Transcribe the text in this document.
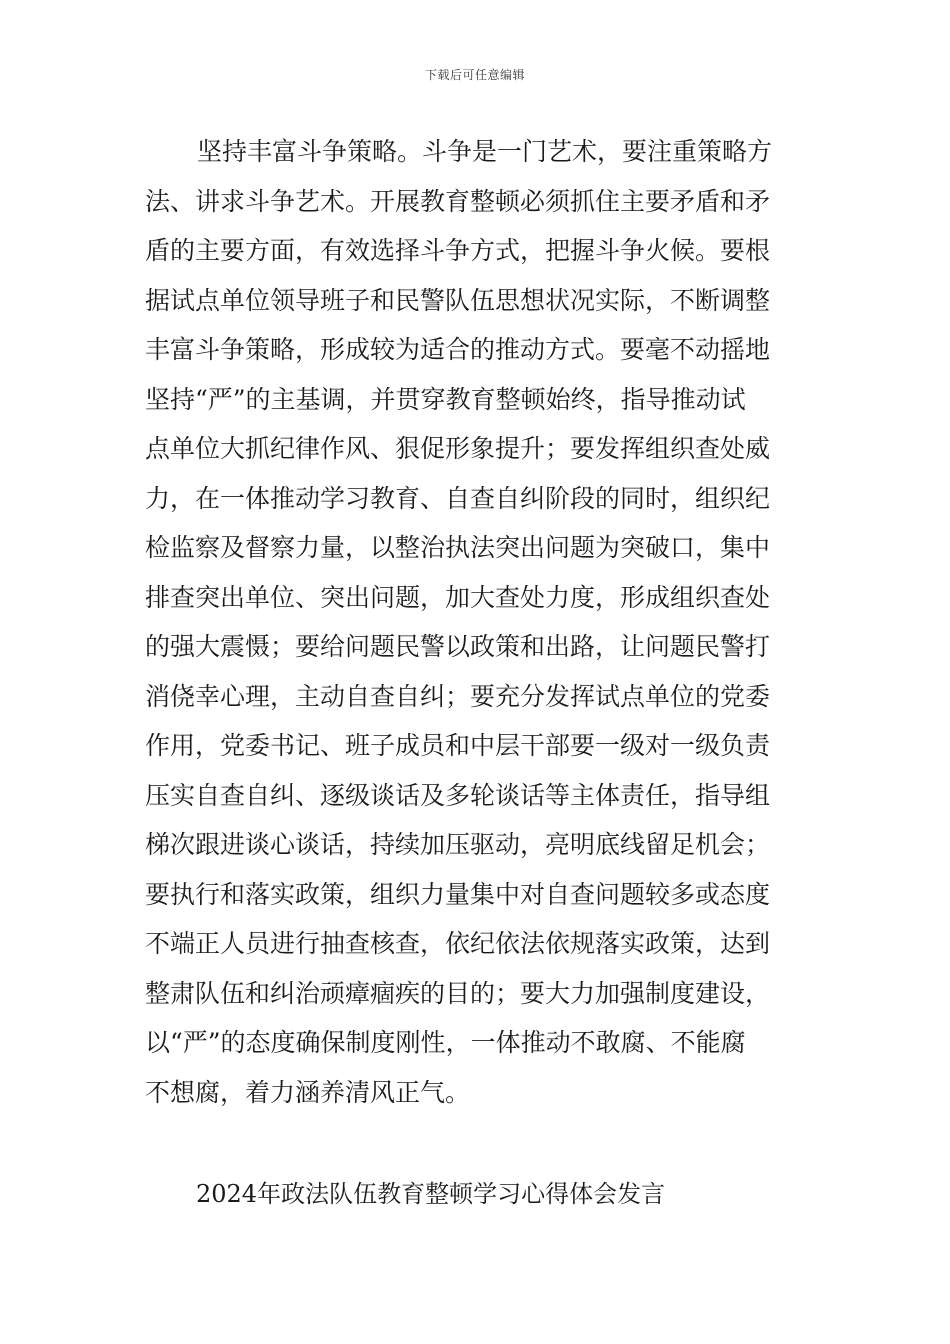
下载后可任意编辑
坚持丰富斗争策略。斗争是一门艺术，要注重策略方
法、讲求斗争艺术。开展教育整顿必须抓住主要矛盾和矛
盾的主要方面，有效选择斗争方式，把握斗争火候。要根
据试点单位领导班子和民警队伍思想状况实际，不断调整
丰富斗争策略，形成较为适合的推动方式。要毫不动摇地
坚持“严”的主基调，并贯穿教育整顿始终，指导推动试
点单位大抓纪律作风、狠促形象提升；要发挥组织查处威
力，在一体推动学习教育、自查自纠阶段的同时，组织纪
检监察及督察力量，以整治执法突出问题为突破口，集中
排查突出单位、突出问题，加大查处力度，形成组织查处
的强大震慑；要给问题民警以政策和出路，让问题民警打
消侥幸心理，主动自查自纠；要充分发挥试点单位的党委
作用，党委书记、班子成员和中层干部要一级对一级负责
压实自查自纠、逐级谈话及多轮谈话等主体责任，指导组
梯次跟进谈心谈话，持续加压驱动，亮明底线留足机会；
要执行和落实政策，组织力量集中对自查问题较多或态度
不端正人员进行抽查核查，依纪依法依规落实政策，达到
整肃队伍和纠治顽瘴痼疾的目的；要大力加强制度建设，
以“严”的态度确保制度刚性，一体推动不敢腐、不能腐
不想腐，着力涵养清风正气。
2024年政法队伍教育整顿学习心得体会发言
